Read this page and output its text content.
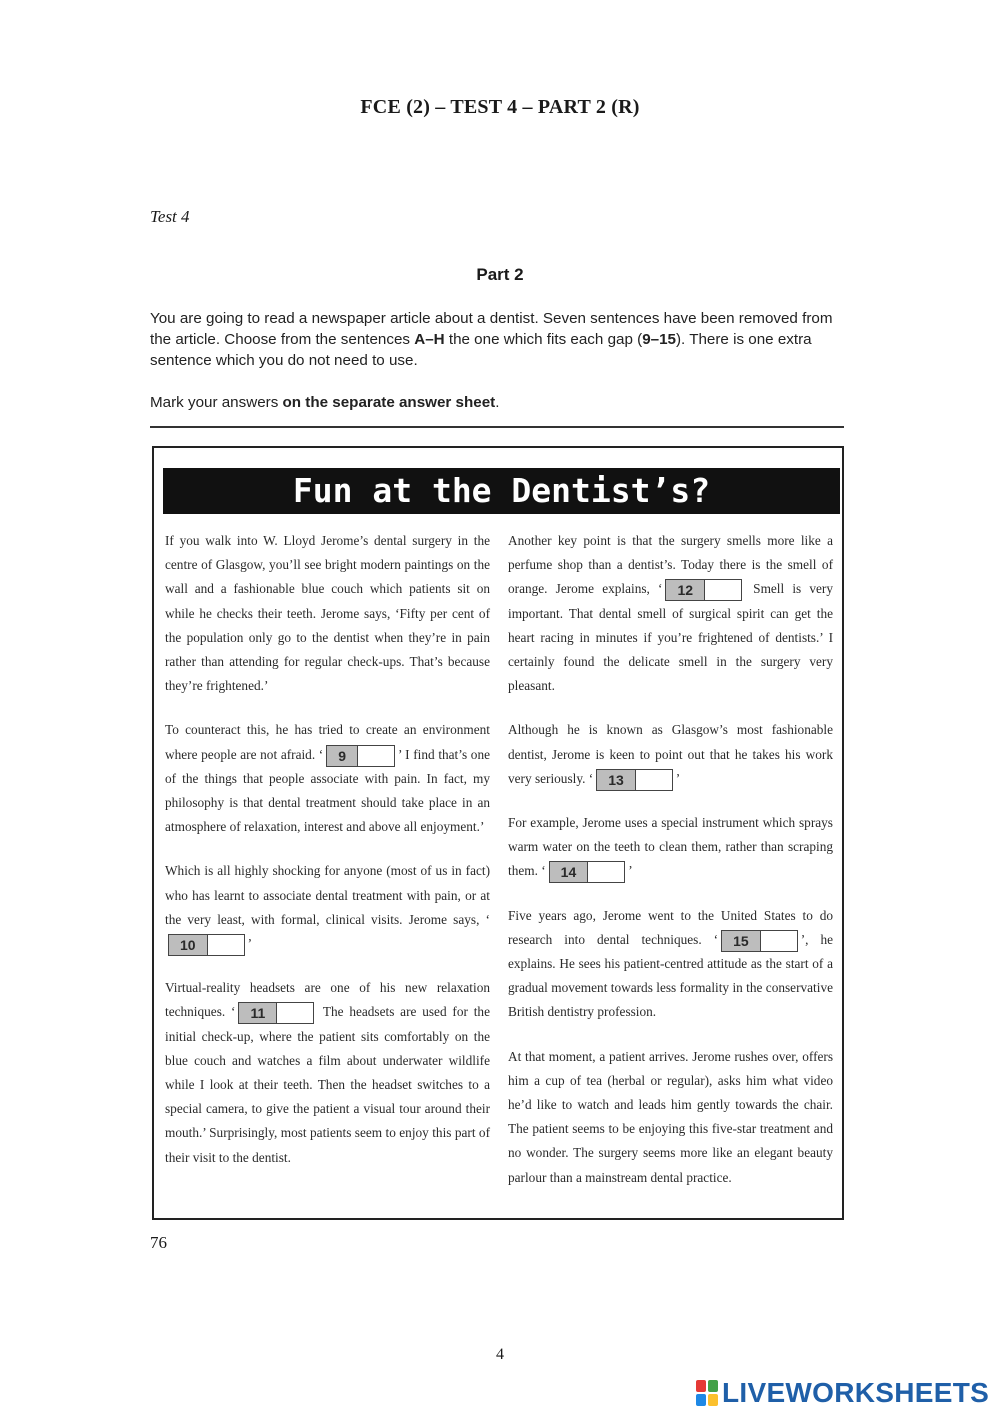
FCE (2) – TEST 4 – PART 2 (R)
Test 4
Part 2
You are going to read a newspaper article about a dentist. Seven sentences have been removed from the article. Choose from the sentences A–H the one which fits each gap (9–15). There is one extra sentence which you do not need to use.
Mark your answers on the separate answer sheet.
Fun at the Dentist’s?

If you walk into W. Lloyd Jerome’s dental surgery in the centre of Glasgow, you’ll see bright modern paintings on the wall and a fashionable blue couch which patients sit on while he checks their teeth. Jerome says, ‘Fifty per cent of the population only go to the dentist when they’re in pain rather than attending for regular check-ups. That’s because they’re frightened.’

To counteract this, he has tried to create an environment where people are not afraid. ‘	9	’ I find that’s one of the things that people associate with pain. In fact, my philosophy is that dental treatment should take place in an atmosphere of relaxation, interest and above all enjoyment.’

Which is all highly shocking for anyone (most of us in fact) who has learnt to associate dental treatment with pain, or at the very least, with formal, clinical visits. Jerome says, ‘
10	’

Virtual-reality headsets are one of his new relaxation techniques. ‘	11	The headsets are used for the initial check-up, where the patient sits comfortably on the blue couch and watches a film about underwater wildlife while I look at their teeth. Then the headset switches to a special camera, to give the patient a visual tour around their mouth.’ Surprisingly, most patients seem to enjoy this part of their visit to the dentist.

Another key point is that the surgery smells more like a perfume shop than a dentist’s. Today there is the smell of orange. Jerome explains, ‘	12	Smell is very important. That dental smell of surgical spirit can get the heart racing in minutes if you’re frightened of dentists.’ I certainly found the delicate smell in the surgery very pleasant.

Although he is known as Glasgow’s most fashionable dentist, Jerome is keen to point out that he takes his work very seriously. ‘	13	’

For example, Jerome uses a special instrument which sprays warm water on the teeth to clean them, rather than scraping them. ‘	14	’

Five years ago, Jerome went to the United States to do research into dental techniques. ‘	15	’, he explains. He sees his patient-centred attitude as the start of a gradual movement towards less formality in the conservative British dentistry profession.

At that moment, a patient arrives. Jerome rushes over, offers him a cup of tea (herbal or regular), asks him what video he’d like to watch and leads him gently towards the chair. The patient seems to be enjoying this five-star treatment and no wonder. The surgery seems more like an elegant beauty parlour than a mainstream dental practice.

76
4
LIVEWORKSHEETS
